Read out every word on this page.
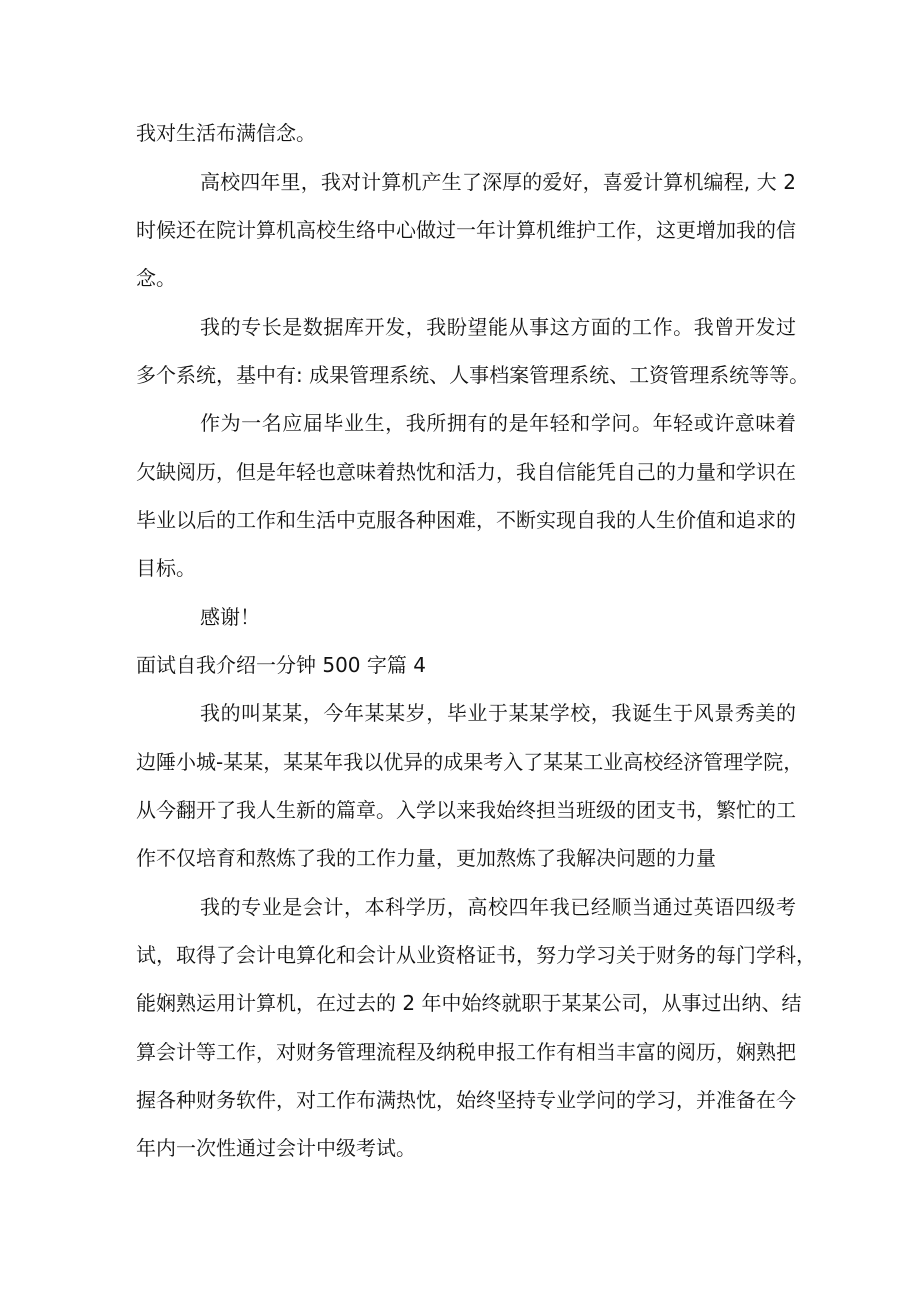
我对生活布满信念。

高校四年里，我对计算机产生了深厚的爱好，喜爱计算机编程, 大 2

时候还在院计算机高校生络中心做过一年计算机维护工作，这更增加我的信

念。

我的专长是数据库开发，我盼望能从事这方面的工作。我曾开发过

多个系统，基中有: 成果管理系统、人事档案管理系统、工资管理系统等等。

作为一名应届毕业生，我所拥有的是年轻和学问。年轻或许意味着

欠缺阅历，但是年轻也意味着热忱和活力，我自信能凭自己的力量和学识在

毕业以后的工作和生活中克服各种困难，不断实现自我的人生价值和追求的

目标。

感谢！

面试自我介绍一分钟 500 字篇 4

我的叫某某，今年某某岁，毕业于某某学校，我诞生于风景秀美的

边陲小城-某某，某某年我以优异的成果考入了某某工业高校经济管理学院，

从今翻开了我人生新的篇章。入学以来我始终担当班级的团支书，繁忙的工

作不仅培育和熬炼了我的工作力量，更加熬炼了我解决问题的力量

我的专业是会计，本科学历，高校四年我已经顺当通过英语四级考

试，取得了会计电算化和会计从业资格证书，努力学习关于财务的每门学科，

能娴熟运用计算机，在过去的 2 年中始终就职于某某公司，从事过出纳、结

算会计等工作，对财务管理流程及纳税申报工作有相当丰富的阅历，娴熟把

握各种财务软件，对工作布满热忱，始终坚持专业学问的学习，并准备在今

年内一次性通过会计中级考试。
